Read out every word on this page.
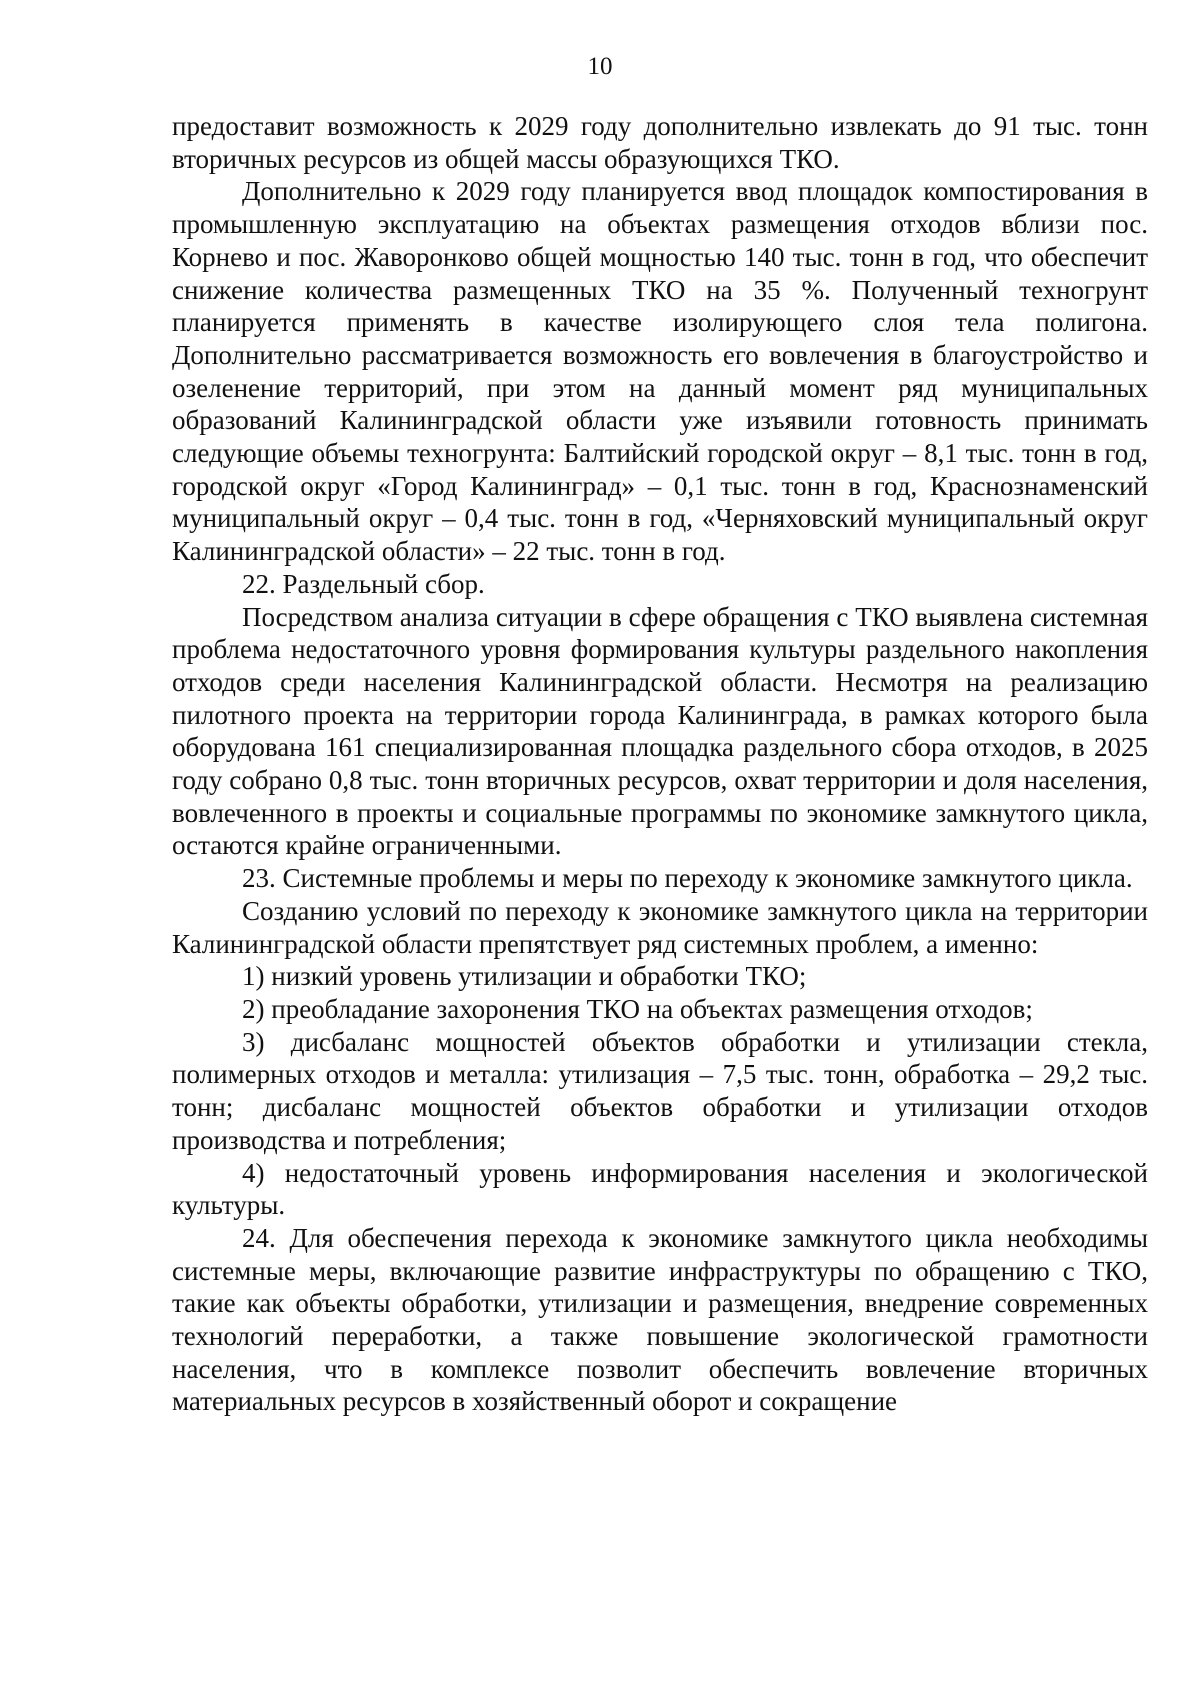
10

предоставит возможность к 2029 году дополнительно извлекать до 91 тыс. тонн вторичных ресурсов из общей массы образующихся ТКО.

Дополнительно к 2029 году планируется ввод площадок компостирования в промышленную эксплуатацию на объектах размещения отходов вблизи пос. Корнево и пос. Жаворонково общей мощностью 140 тыс. тонн в год, что обеспечит снижение количества размещенных ТКО на 35 %. Полученный техногрунт планируется применять в качестве изолирующего слоя тела полигона. Дополнительно рассматривается возможность его вовлечения в благоустройство и озеленение территорий, при этом на данный момент ряд муниципальных образований Калининградской области уже изъявили готовность принимать следующие объемы техногрунта: Балтийский городской округ – 8,1 тыс. тонн в год, городской округ «Город Калининград» – 0,1 тыс. тонн в год, Краснознаменский муниципальный округ – 0,4 тыс. тонн в год, «Черняховский муниципальный округ Калининградской области» – 22 тыс. тонн в год.

22. Раздельный сбор.

Посредством анализа ситуации в сфере обращения с ТКО выявлена системная проблема недостаточного уровня формирования культуры раздельного накопления отходов среди населения Калининградской области. Несмотря на реализацию пилотного проекта на территории города Калининграда, в рамках которого была оборудована 161 специализированная площадка раздельного сбора отходов, в 2025 году собрано 0,8 тыс. тонн вторичных ресурсов, охват территории и доля населения, вовлеченного в проекты и социальные программы по экономике замкнутого цикла, остаются крайне ограниченными.

23. Системные проблемы и меры по переходу к экономике замкнутого цикла.

Созданию условий по переходу к экономике замкнутого цикла на территории Калининградской области препятствует ряд системных проблем, а именно:

1) низкий уровень утилизации и обработки ТКО;

2) преобладание захоронения ТКО на объектах размещения отходов;

3) дисбаланс мощностей объектов обработки и утилизации стекла, полимерных отходов и металла: утилизация – 7,5 тыс. тонн, обработка – 29,2 тыс. тонн; дисбаланс мощностей объектов обработки и утилизации отходов производства и потребления;

4) недостаточный уровень информирования населения и экологической культуры.

24. Для обеспечения перехода к экономике замкнутого цикла необходимы системные меры, включающие развитие инфраструктуры по обращению с ТКО, такие как объекты обработки, утилизации и размещения, внедрение современных технологий переработки, а также повышение экологической грамотности населения, что в комплексе позволит обеспечить вовлечение вторичных материальных ресурсов в хозяйственный оборот и сокращение
